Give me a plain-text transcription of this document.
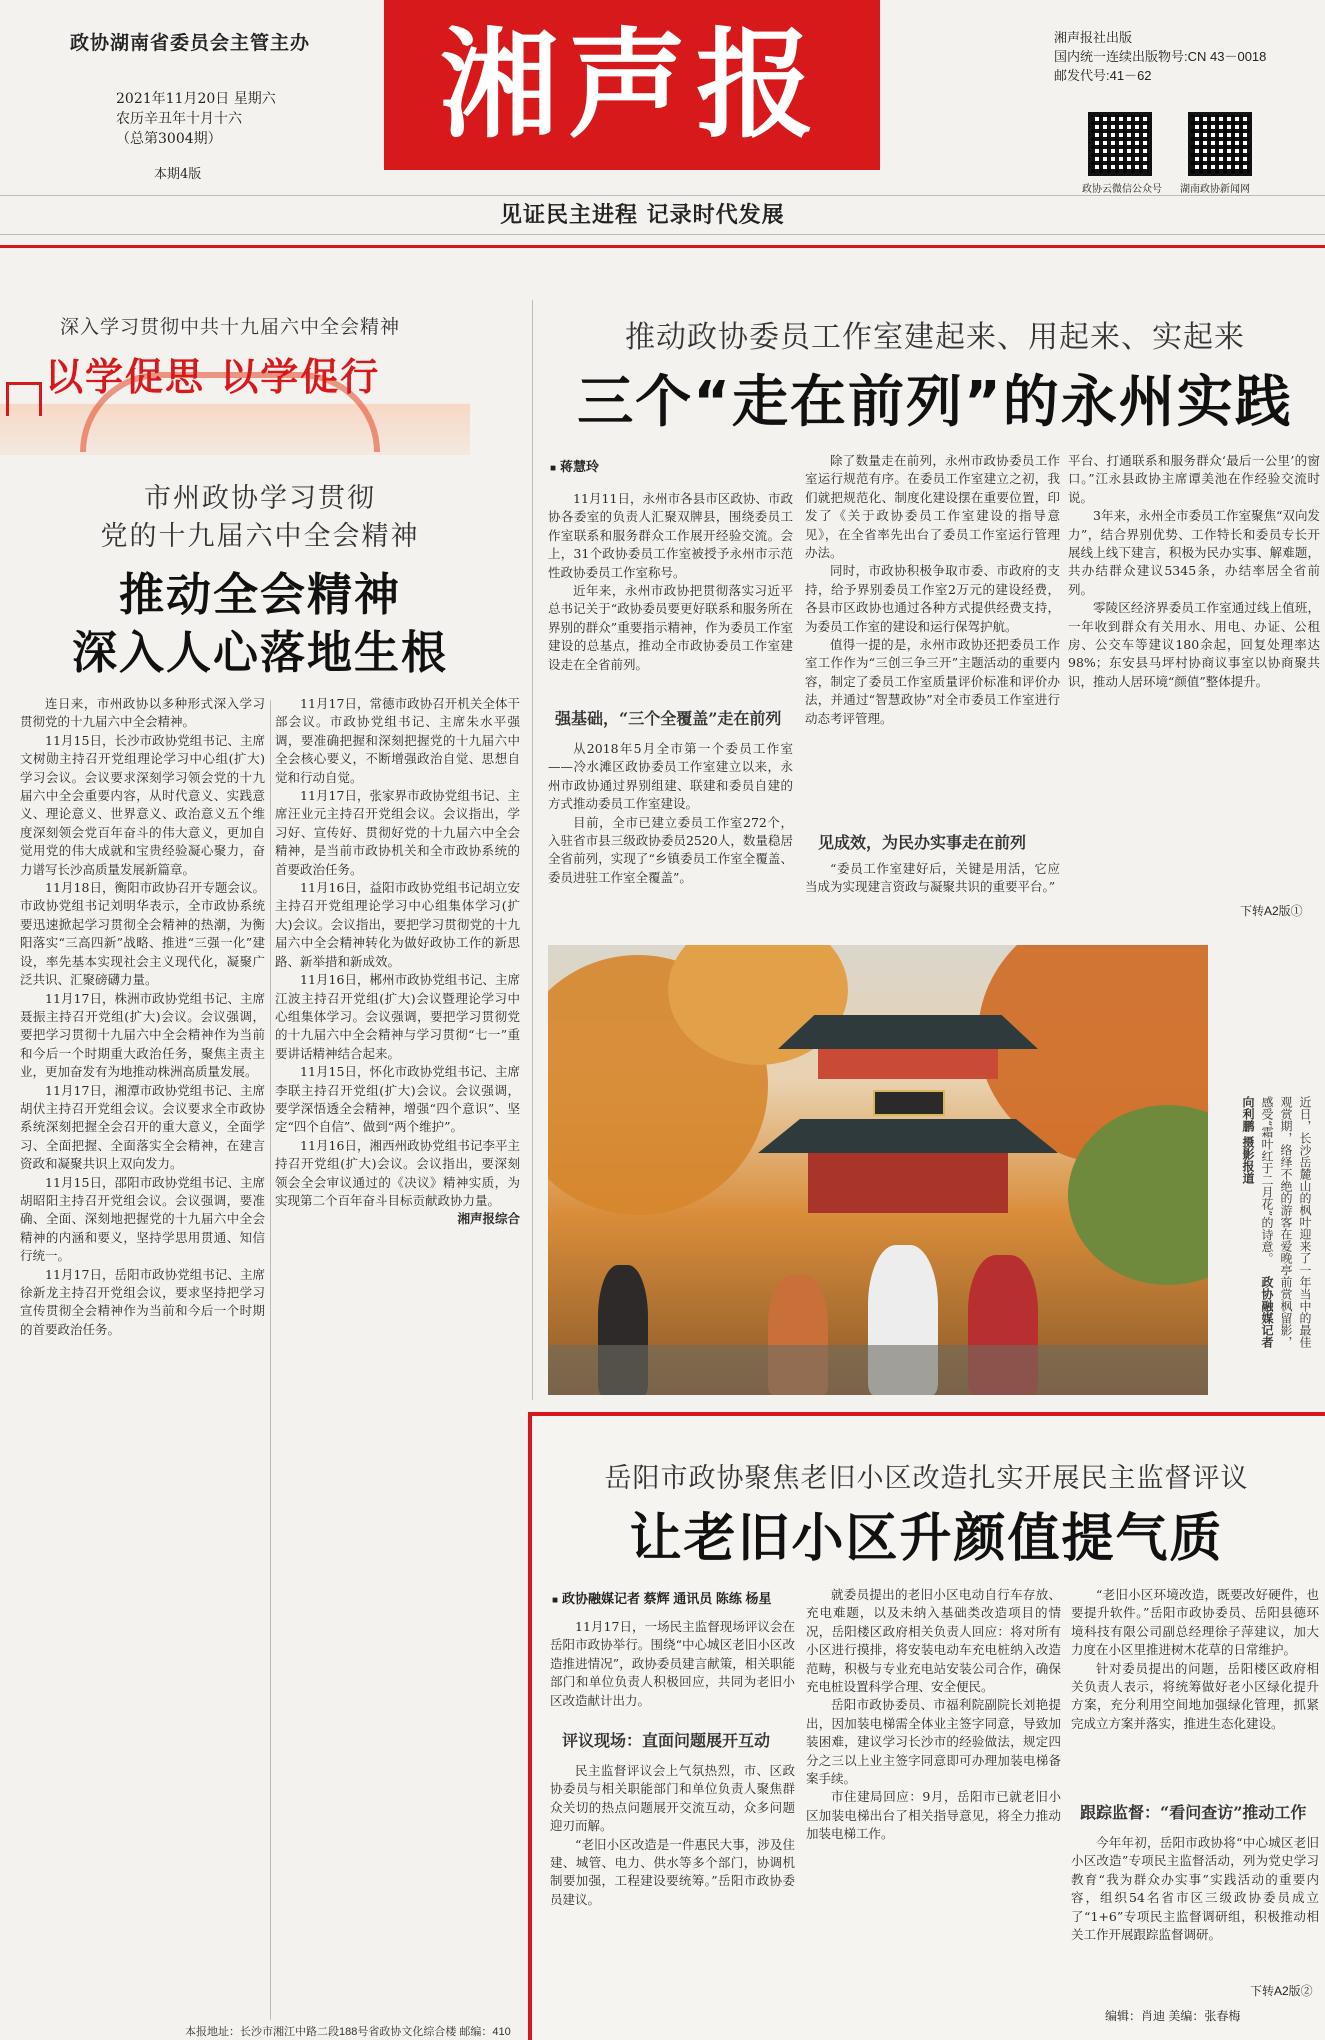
政协湖南省委员会主管主办
2021年11月20日 星期六
农历辛丑年十月十六
（总第3004期）
本期4版
湘声报	湘声报社出版
国内统一连续出版物号:CN 43－0018
邮发代号:41－62
政协云微信公众号 湖南政协新闻网
见证民主进程 记录时代发展
深入学习贯彻中共十九届六中全会精神
以学促思 以学促行
市州政协学习贯彻
党的十九届六中全会精神
推动全会精神
深入人心落地生根

连日来，市州政协以多种形式深入学习贯彻党的十九届六中全会精神。

11月15日，长沙市政协党组书记、主席文树勋主持召开党组理论学习中心组(扩大)学习会议。会议要求深刻学习领会党的十九届六中全会重要内容，从时代意义、实践意义、理论意义、世界意义、政治意义五个维度深刻领会党百年奋斗的伟大意义，更加自觉用党的伟大成就和宝贵经验凝心聚力，奋力谱写长沙高质量发展新篇章。

11月18日，衡阳市政协召开专题会议。市政协党组书记刘明华表示，全市政协系统要迅速掀起学习贯彻全会精神的热潮，为衡阳落实“三高四新”战略、推进“三强一化”建设，率先基本实现社会主义现代化，凝聚广泛共识、汇聚磅礴力量。

11月17日，株洲市政协党组书记、主席聂振主持召开党组(扩大)会议。会议强调，要把学习贯彻十九届六中全会精神作为当前和今后一个时期重大政治任务，聚焦主责主业，更加奋发有为地推动株洲高质量发展。

11月17日，湘潭市政协党组书记、主席胡伏主持召开党组会议。会议要求全市政协系统深刻把握全会召开的重大意义，全面学习、全面把握、全面落实全会精神，在建言资政和凝聚共识上双向发力。

11月15日，邵阳市政协党组书记、主席胡昭阳主持召开党组会议。会议强调，要准确、全面、深刻地把握党的十九届六中全会精神的内涵和要义，坚持学思用贯通、知信行统一。

11月17日，岳阳市政协党组书记、主席徐新龙主持召开党组会议，要求坚持把学习宣传贯彻全会精神作为当前和今后一个时期的首要政治任务。

11月17日，常德市政协召开机关全体干部会议。市政协党组书记、主席朱水平强调，要准确把握和深刻把握党的十九届六中全会核心要义，不断增强政治自觉、思想自觉和行动自觉。

11月17日，张家界市政协党组书记、主席汪业元主持召开党组会议。会议指出，学习好、宣传好、贯彻好党的十九届六中全会精神，是当前市政协机关和全市政协系统的首要政治任务。

11月16日，益阳市政协党组书记胡立安主持召开党组理论学习中心组集体学习(扩大)会议。会议指出，要把学习贯彻党的十九届六中全会精神转化为做好政协工作的新思路、新举措和新成效。

11月16日，郴州市政协党组书记、主席江波主持召开党组(扩大)会议暨理论学习中心组集体学习。会议强调，要把学习贯彻党的十九届六中全会精神与学习贯彻“七一”重要讲话精神结合起来。

11月15日，怀化市政协党组书记、主席李联主持召开党组(扩大)会议。会议强调，要学深悟透全会精神，增强“四个意识”、坚定“四个自信”、做到“两个维护”。

11月16日，湘西州政协党组书记李平主持召开党组(扩大)会议。会议指出，要深刻领会全会审议通过的《决议》精神实质，为实现第二个百年奋斗目标贡献政协力量。

湘声报综合

推动政协委员工作室建起来、用起来、实起来
三个“走在前列”的永州实践
■ 蒋慧玲

11月11日，永州市各县市区政协、市政协各委室的负责人汇聚双牌县，围绕委员工作室联系和服务群众工作展开经验交流。会上，31个政协委员工作室被授予永州市示范性政协委员工作室称号。

近年来，永州市政协把贯彻落实习近平总书记关于“政协委员要更好联系和服务所在界别的群众”重要指示精神，作为委员工作室建设的总基点，推动全市政协委员工作室建设走在全省前列。

强基础，“三个全覆盖”走在前列

从2018年5月全市第一个委员工作室——冷水滩区政协委员工作室建立以来，永州市政协通过界别组建、联建和委员自建的方式推动委员工作室建设。

目前，全市已建立委员工作室272个，入驻省市县三级政协委员2520人，数量稳居全省前列，实现了“乡镇委员工作室全覆盖、委员进驻工作室全覆盖”。

除了数量走在前列，永州市政协委员工作室运行规范有序。在委员工作室建立之初，我们就把规范化、制度化建设摆在重要位置，印发了《关于政协委员工作室建设的指导意见》，在全省率先出台了委员工作室运行管理办法。

同时，市政协积极争取市委、市政府的支持，给予界别委员工作室2万元的建设经费，各县市区政协也通过各种方式提供经费支持，为委员工作室的建设和运行保驾护航。

值得一提的是，永州市政协还把委员工作室工作作为“三创三争三开”主题活动的重要内容，制定了委员工作室质量评价标准和评价办法，并通过“智慧政协”对全市委员工作室进行动态考评管理。

见成效，为民办实事走在前列

“委员工作室建好后，关键是用活，它应当成为实现建言资政与凝聚共识的重要平台。”

平台、打通联系和服务群众‘最后一公里’的窗口。”江永县政协主席谭美池在作经验交流时说。

3年来，永州全市委员工作室聚焦“双向发力”，结合界别优势、工作特长和委员专长开展线上线下建言，积极为民办实事、解难题，共办结群众建议5345条，办结率居全省前列。

零陵区经济界委员工作室通过线上值班，一年收到群众有关用水、用电、办证、公租房、公交车等建议180余起，回复处理率达98%；东安县马坪村协商议事室以协商聚共识，推动人居环境“颜值”整体提升。

下转A2版①
近日，长沙岳麓山的枫叶迎来了一年当中的最佳观赏期，络绎不绝的游客在爱晚亭前赏枫留影，感受“霜叶红于二月花”的诗意。 政协融媒记者 向利鹏 摄影报道
岳阳市政协聚焦老旧小区改造扎实开展民主监督评议
让老旧小区升颜值提气质
■ 政协融媒记者 蔡辉 通讯员 陈练 杨星

11月17日，一场民主监督现场评议会在岳阳市政协举行。围绕“中心城区老旧小区改造推进情况”，政协委员建言献策，相关职能部门和单位负责人积极回应，共同为老旧小区改造献计出力。

评议现场：直面问题展开互动

民主监督评议会上气氛热烈，市、区政协委员与相关职能部门和单位负责人聚焦群众关切的热点问题展开交流互动，众多问题迎刃而解。

“老旧小区改造是一件惠民大事，涉及住建、城管、电力、供水等多个部门，协调机制要加强，工程建设要统筹。”岳阳市政协委员建议。

就委员提出的老旧小区电动自行车存放、充电难题，以及未纳入基础类改造项目的情况，岳阳楼区政府相关负责人回应：将对所有小区进行摸排，将安装电动车充电桩纳入改造范畴，积极与专业充电站安装公司合作，确保充电桩设置科学合理、安全便民。

岳阳市政协委员、市福利院副院长刘艳提出，因加装电梯需全体业主签字同意，导致加装困难，建议学习长沙市的经验做法，规定四分之三以上业主签字同意即可办理加装电梯备案手续。

市住建局回应：9月，岳阳市已就老旧小区加装电梯出台了相关指导意见，将全力推动加装电梯工作。

“老旧小区环境改造，既要改好硬件，也要提升软件。”岳阳市政协委员、岳阳县德环境科技有限公司副总经理徐子萍建议，加大力度在小区里推进树木花草的日常维护。

针对委员提出的问题，岳阳楼区政府相关负责人表示，将统筹做好老小区绿化提升方案，充分利用空间地加强绿化管理，抓紧完成立方案并落实，推进生态化建设。

跟踪监督：“看问查访”推动工作

今年年初，岳阳市政协将“中心城区老旧小区改造”专项民主监督活动，列为党史学习教育“我为群众办实事”实践活动的重要内容，组织54名省市区三级政协委员成立了“1+6”专项民主监督调研组，积极推动相关工作开展跟踪监督调研。

下转A2版②
编辑：肖迪 美编：张春梅
本报地址：长沙市湘江中路二段188号省政协文化综合楼 邮编：410
